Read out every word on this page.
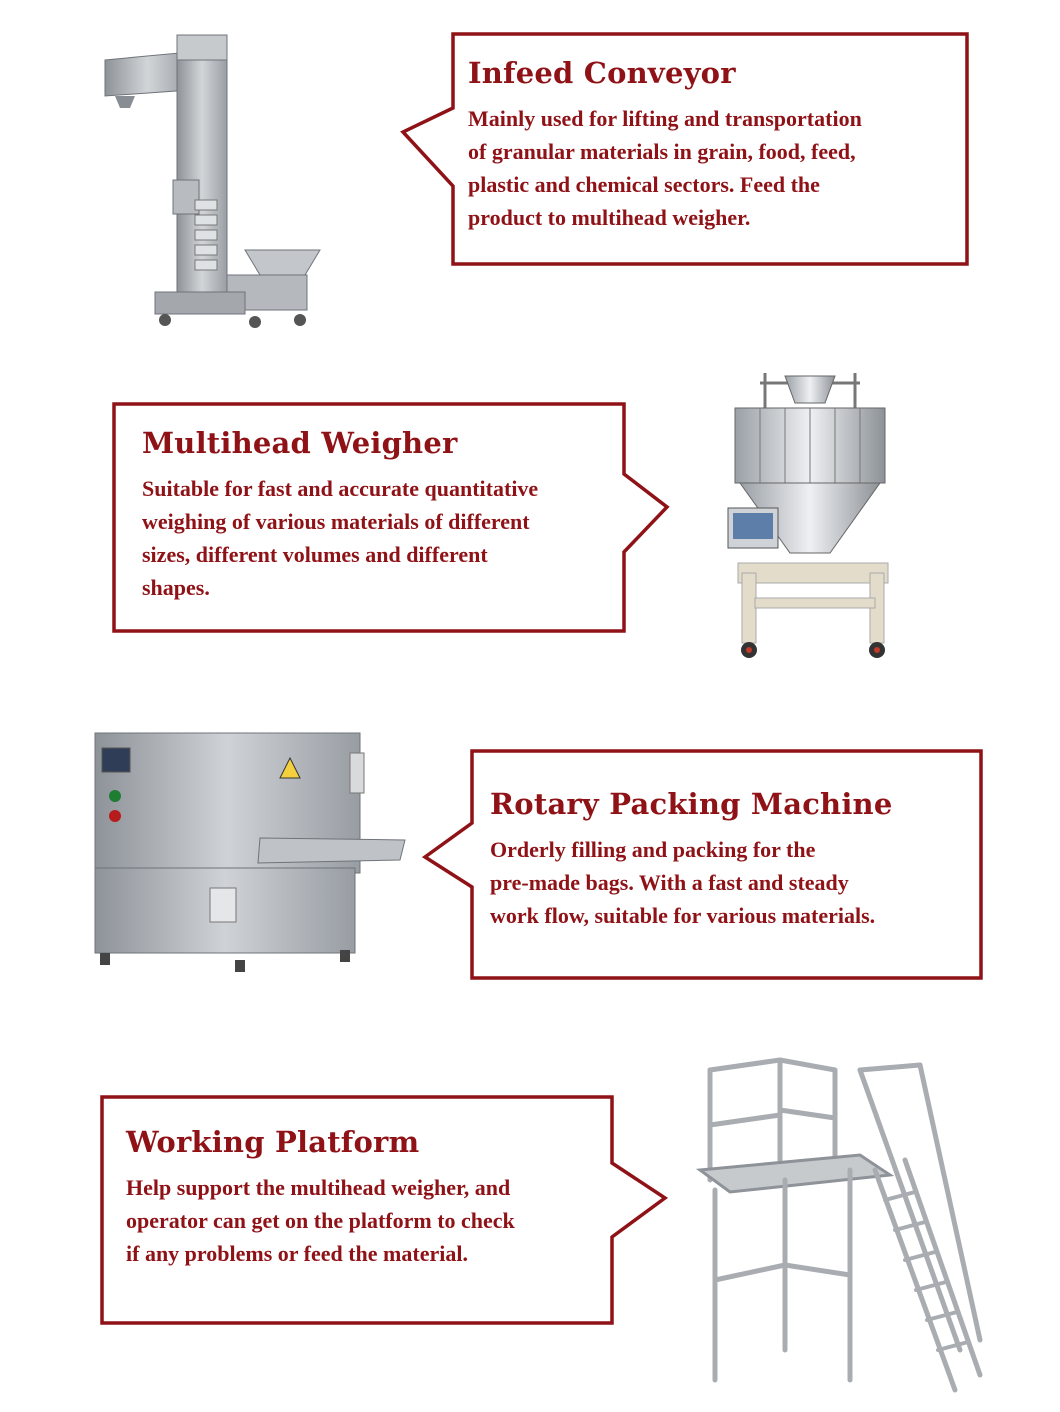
Infeed Conveyor

Mainly used for lifting and transportation

of granular materials in grain, food, feed,

plastic and chemical sectors. Feed the

product to multihead weigher.

Multihead Weigher

Suitable for fast and accurate quantitative

weighing of various materials of different

sizes, different volumes and different

shapes.

Rotary Packing Machine

Orderly filling and packing for the

pre-made bags. With a fast and steady

work flow, suitable for various materials.

Working Platform

Help support the multihead weigher, and

operator can get on the platform to check

if any problems or feed the material.
